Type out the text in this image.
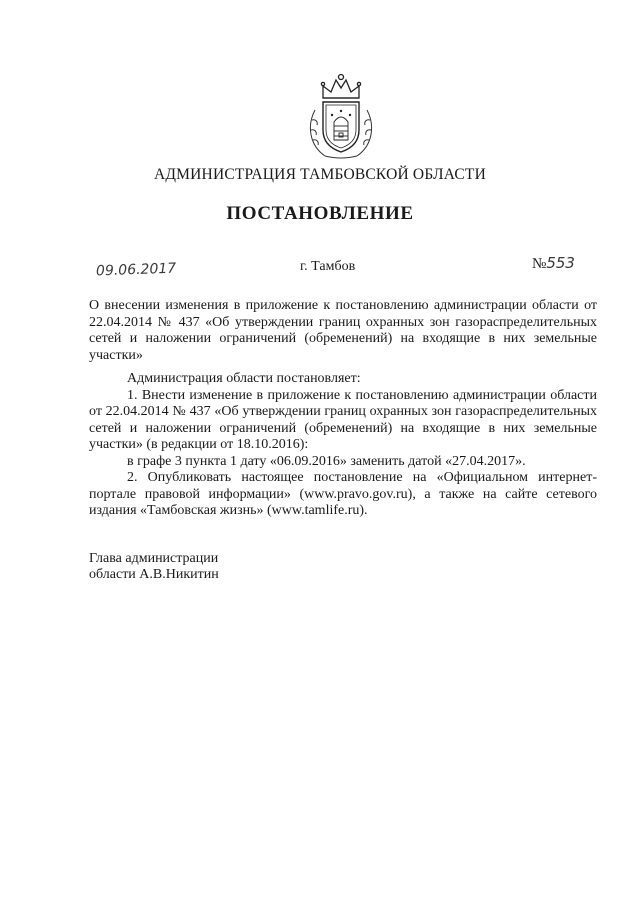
АДМИНИСТРАЦИЯ ТАМБОВСКОЙ ОБЛАСТИ
ПОСТАНОВЛЕНИЕ
09.06.2017	г. Тамбов	№553
О внесении изменения в приложение к постановлению администрации области от 22.04.2014 № 437 «Об утверждении границ охранных зон газораспределительных сетей и наложении ограничений (обременений) на входящие в них земельные участки»

Администрация области постановляет:

1. Внести изменение в приложение к постановлению администрации области от 22.04.2014 № 437 «Об утверждении границ охранных зон газораспределительных сетей и наложении ограничений (обременений) на входящие в них земельные участки» (в редакции от 18.10.2016):

в графе 3 пункта 1 дату «06.09.2016» заменить датой «27.04.2017».

2. Опубликовать настоящее постановление на «Официальном интернет-портале правовой информации» (www.pravo.gov.ru), а также на сайте сетевого издания «Тамбовская жизнь» (www.tamlife.ru).

Глава администрации
области А.В.Никитин
